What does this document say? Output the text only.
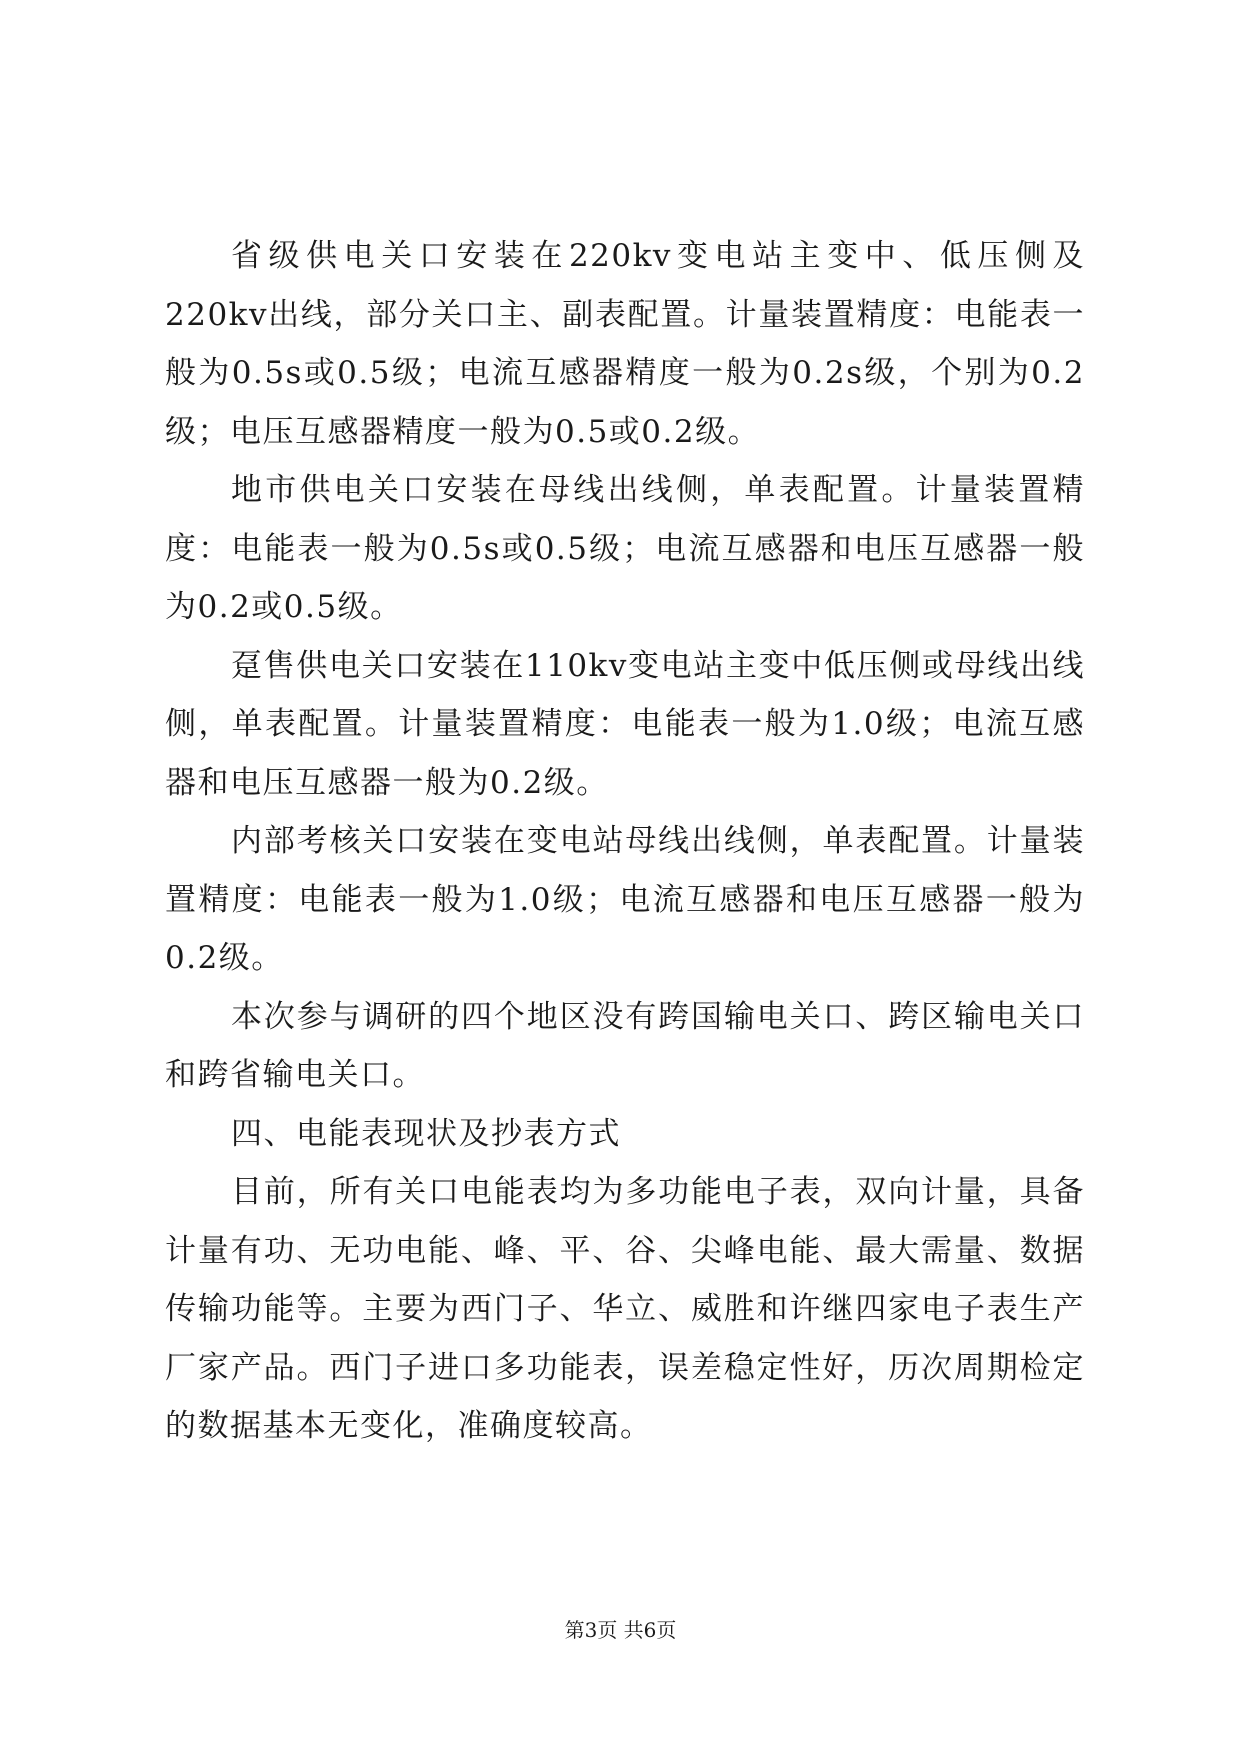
省级供电关口安装在220kv变电站主变中、低压侧及220kv出线，部分关口主、副表配置。计量装置精度：电能表一般为0.5s或0.5级；电流互感器精度一般为0.2s级，个别为0.2级；电压互感器精度一般为0.5或0.2级。

地市供电关口安装在母线出线侧，单表配置。计量装置精度：电能表一般为0.5s或0.5级；电流互感器和电压互感器一般为0.2或0.5级。

趸售供电关口安装在110kv变电站主变中低压侧或母线出线侧，单表配置。计量装置精度：电能表一般为1.0级；电流互感器和电压互感器一般为0.2级。

内部考核关口安装在变电站母线出线侧，单表配置。计量装置精度：电能表一般为1.0级；电流互感器和电压互感器一般为0.2级。

本次参与调研的四个地区没有跨国输电关口、跨区输电关口和跨省输电关口。

四、电能表现状及抄表方式

目前，所有关口电能表均为多功能电子表，双向计量，具备计量有功、无功电能、峰、平、谷、尖峰电能、最大需量、数据传输功能等。主要为西门子、华立、威胜和许继四家电子表生产厂家产品。西门子进口多功能表，误差稳定性好，历次周期检定的数据基本无变化，准确度较高。

第3页 共6页
